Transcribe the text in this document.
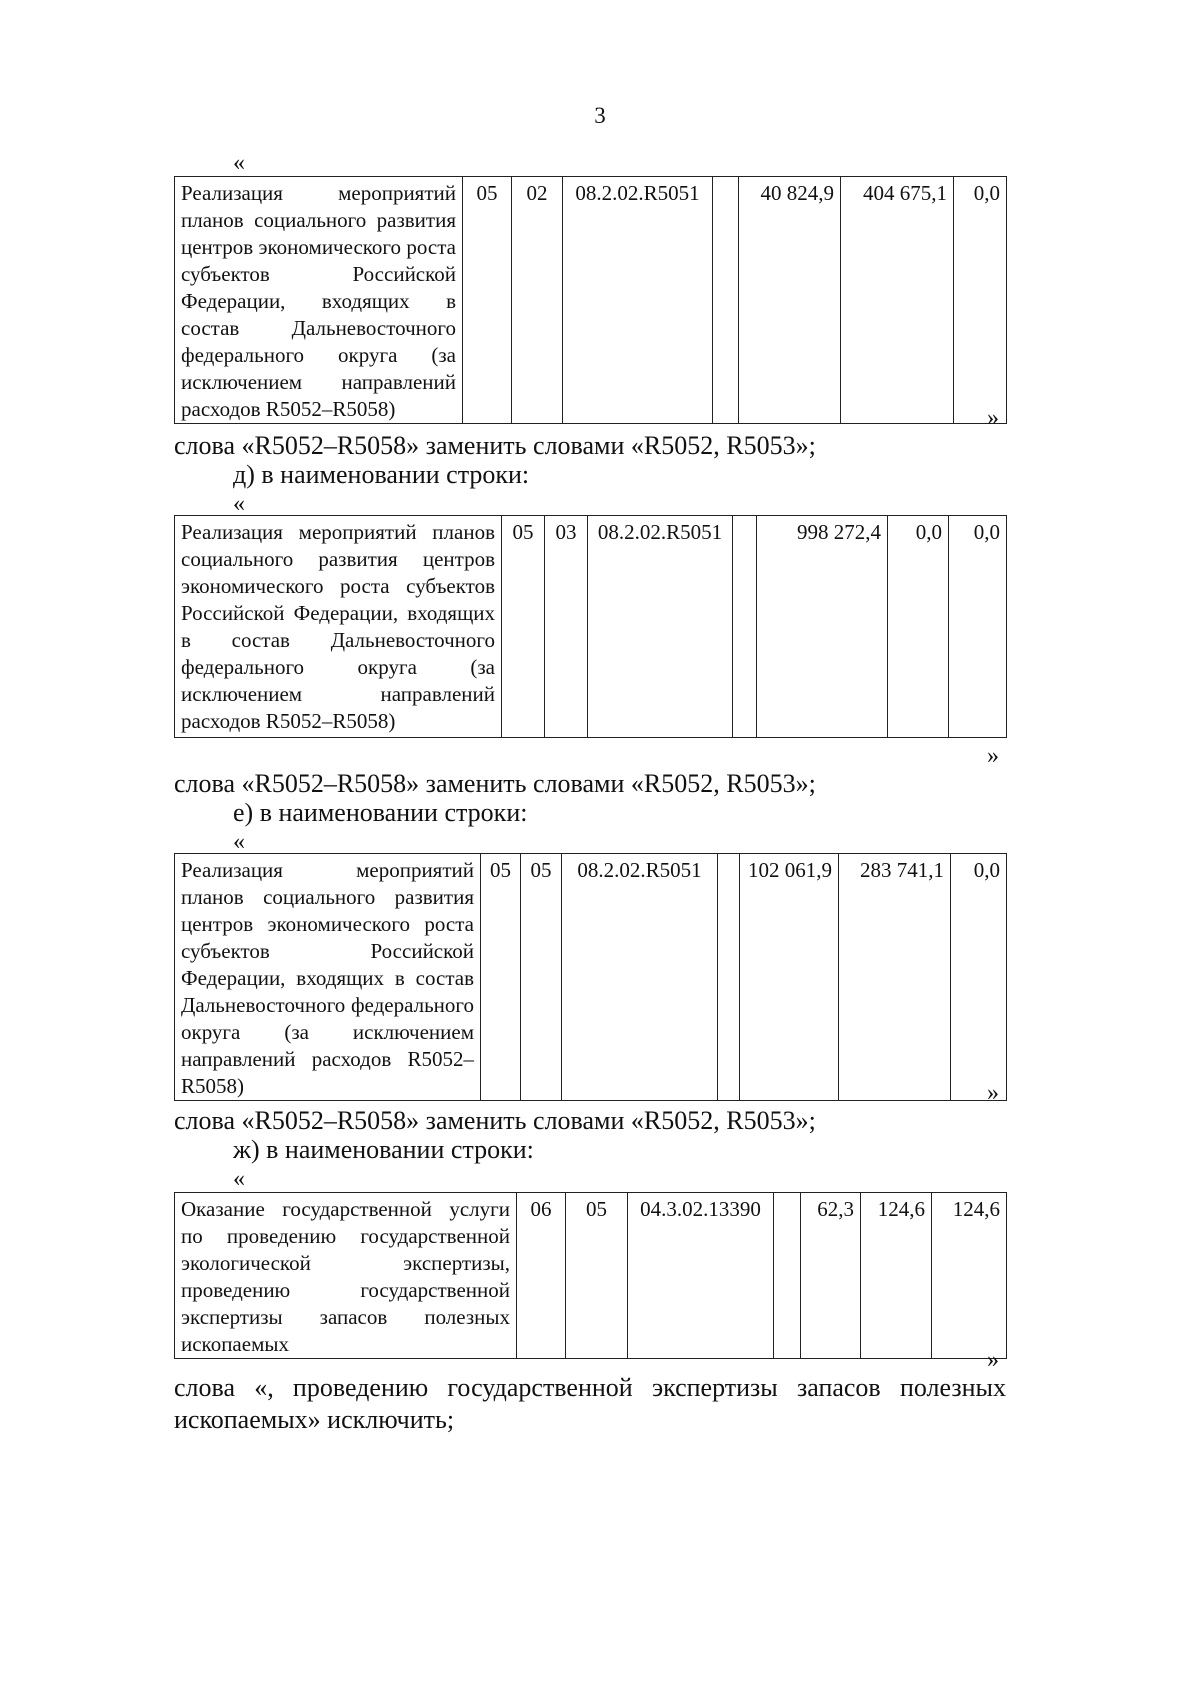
3
«
Реализация мероприятий планов социального развития центров экономического роста субъектов Российской Федерации, входящих в состав Дальневосточного федерального округа (за исключением направлений расходов R5052–R5058)	05	02	08.2.02.R5051		40 824,9	404 675,1	0,0
»
слова «R5052–R5058» заменить словами «R5052, R5053»;
д) в наименовании строки:
«
Реализация мероприятий планов социального развития центров экономического роста субъектов Российской Федерации, входящих в состав Дальневосточного федерального округа (за исключением направлений расходов R5052–R5058)	05	03	08.2.02.R5051		998 272,4	0,0	0,0
»
слова «R5052–R5058» заменить словами «R5052, R5053»;
е) в наименовании строки:
«
Реализация мероприятий планов социального развития центров экономического роста субъектов Российской Федерации, входящих в состав Дальневосточного федерального округа (за исключением направлений расходов R5052–R5058)	05	05	08.2.02.R5051		102 061,9	283 741,1	0,0
»
слова «R5052–R5058» заменить словами «R5052, R5053»;
ж) в наименовании строки:
«
Оказание государственной услуги по проведению государственной экологической экспертизы, проведению государственной экспертизы запасов полезных ископаемых	06	05	04.3.02.13390		62,3	124,6	124,6
»
слова «, проведению государственной экспертизы запасов полезных ископаемых» исключить;
